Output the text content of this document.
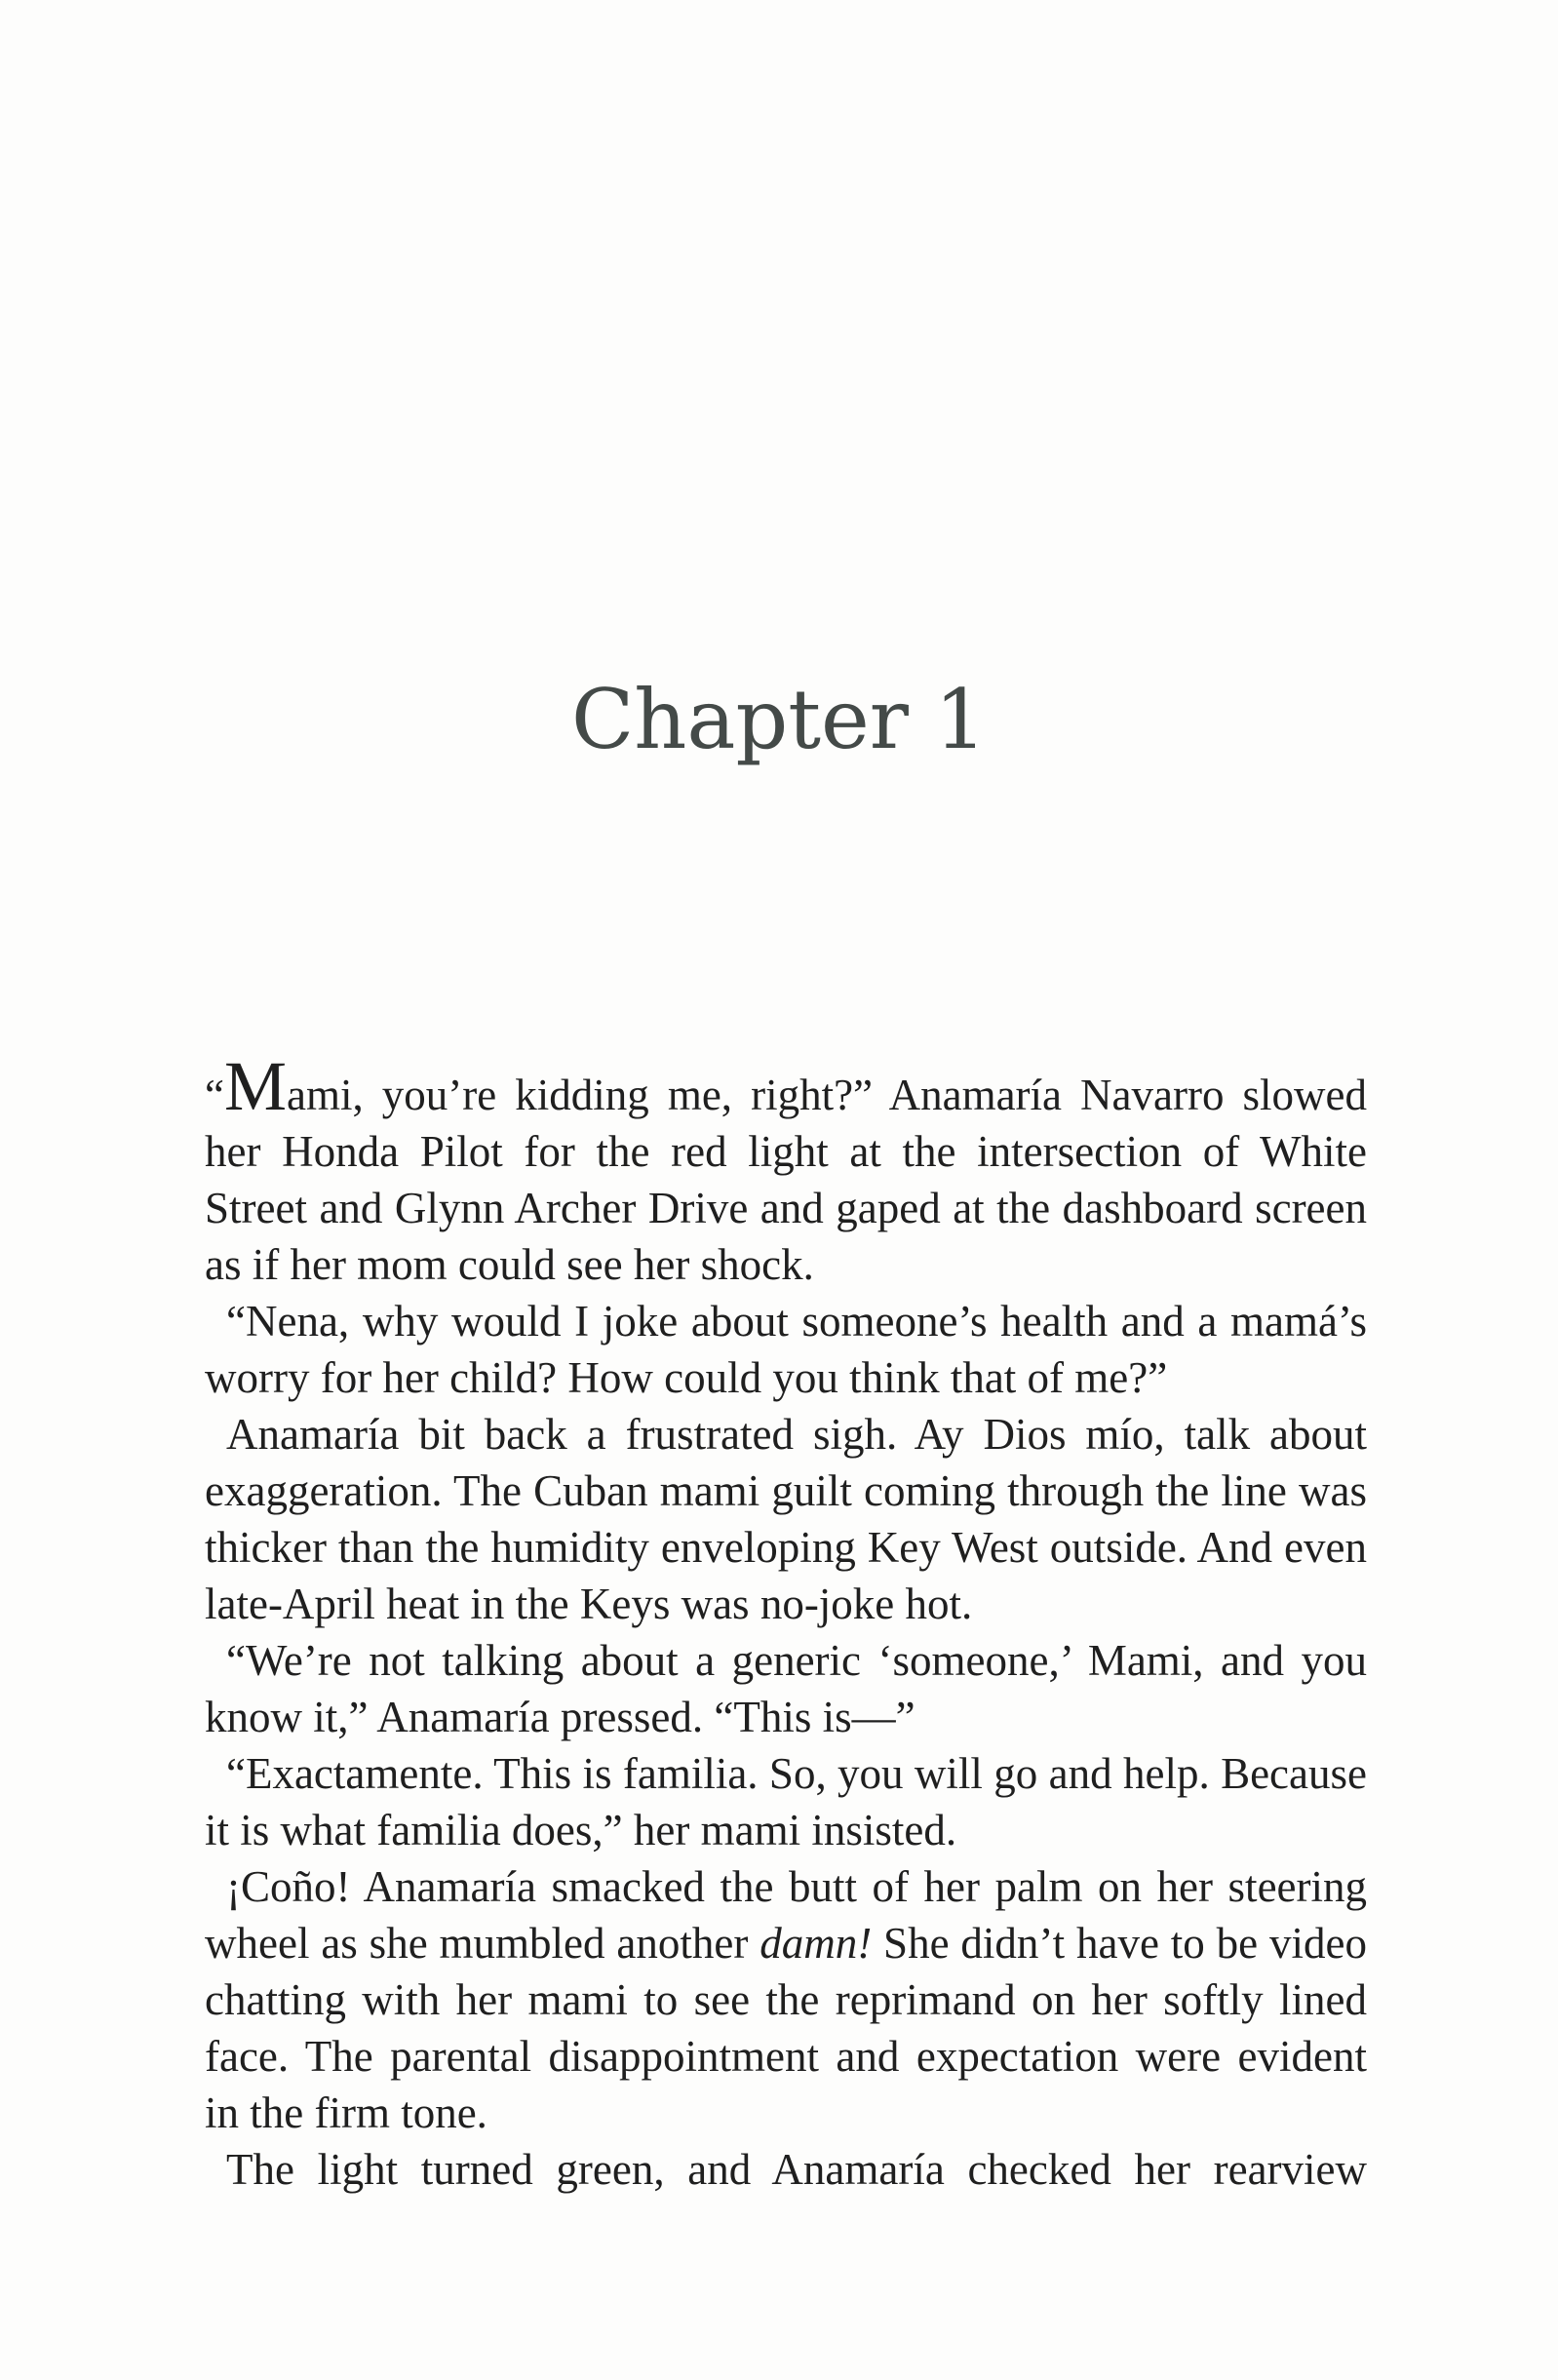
Chapter 1

“Mami, you’re kidding me, right?” Anamaría Navarro slowed her Honda Pilot for the red light at the intersection of White Street and Glynn Archer Drive and gaped at the dashboard screen as if her mom could see her shock.

“Nena, why would I joke about someone’s health and a mamá’s worry for her child? How could you think that of me?”

Anamaría bit back a frustrated sigh. Ay Dios mío, talk about exaggeration. The Cuban mami guilt coming through the line was thicker than the humidity enveloping Key West outside. And even late-April heat in the Keys was no-joke hot.

“We’re not talking about a generic ‘someone,’ Mami, and you know it,” Anamaría pressed. “This is—”

“Exactamente. This is familia. So, you will go and help. Because it is what familia does,” her mami insisted.

¡Coño! Anamaría smacked the butt of her palm on her steering wheel as she mumbled another damn! She didn’t have to be video chatting with her mami to see the reprimand on her softly lined face. The parental disappointment and expectation were evident in the firm tone.

The light turned green, and Anamaría checked her rearview
